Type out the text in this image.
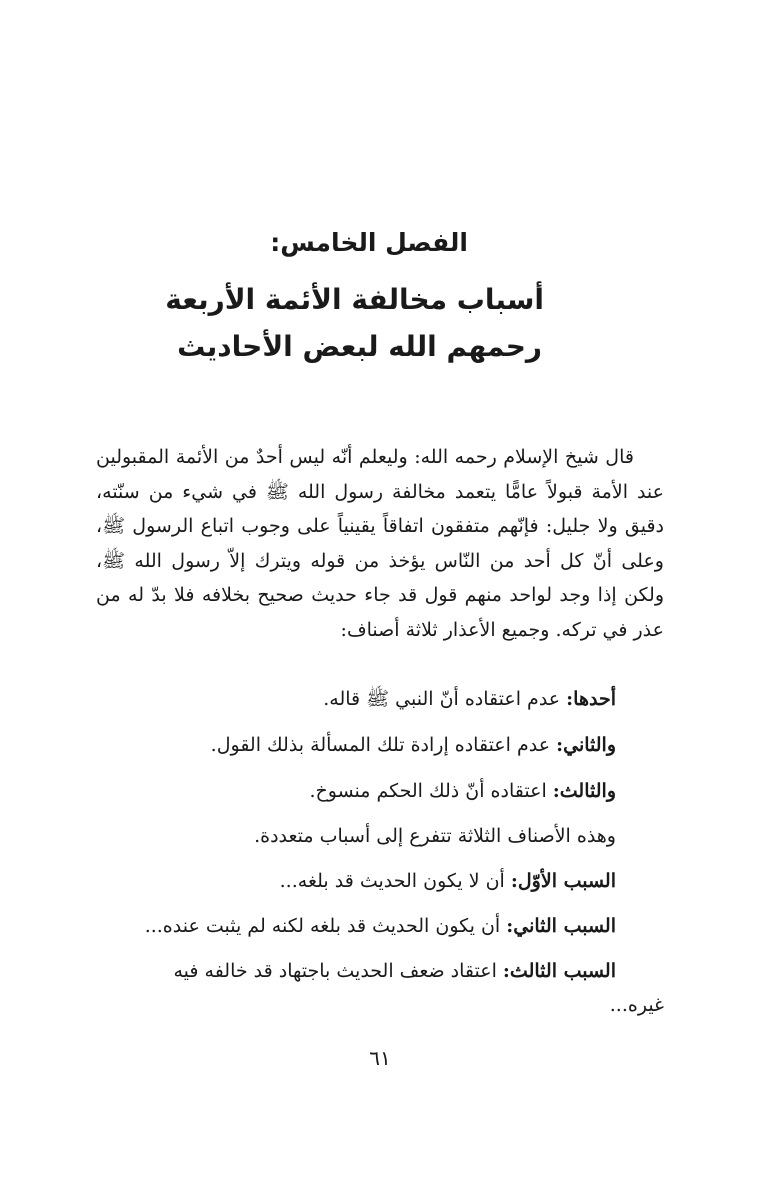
الفصل الخامس:
أسباب مخالفة الأئمة الأربعة
رحمهم الله لبعض الأحاديث
قال شيخ الإسلام رحمه الله: وليعلم أنّه ليس أحدٌ من الأئمة المقبولين عند الأمة قبولاً عامًّا يتعمد مخالفة رسول الله ﷺ في شيء من سنّته، دقيق ولا جليل: فإنّهم متفقون اتفاقاً يقينياً على وجوب اتباع الرسول ﷺ، وعلى أنّ كل أحد من النّاس يؤخذ من قوله ويترك إلاّ رسول الله ﷺ، ولكن إذا وجد لواحد منهم قول قد جاء حديث صحيح بخلافه فلا بدّ له من عذر في تركه. وجميع الأعذار ثلاثة أصناف:
أحدها: عدم اعتقاده أنّ النبي ﷺ قاله.
والثاني: عدم اعتقاده إرادة تلك المسألة بذلك القول.
والثالث: اعتقاده أنّ ذلك الحكم منسوخ.
وهذه الأصناف الثلاثة تتفرع إلى أسباب متعددة.
السبب الأوّل: أن لا يكون الحديث قد بلغه...
السبب الثاني: أن يكون الحديث قد بلغه لكنه لم يثبت عنده...
السبب الثالث: اعتقاد ضعف الحديث باجتهاد قد خالفه فيه
غيره...
٦١
